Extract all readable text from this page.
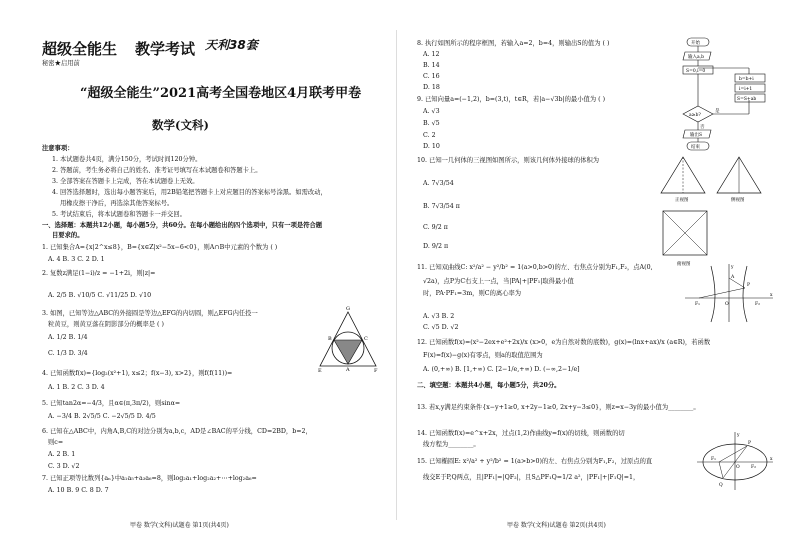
超级全能生 教学考试 天利38套
秘密★启用前
“超级全能生”2021高考全国卷地区4月联考甲卷
数学(文科)
注意事项：
1. 本试题卷共4页，满分150分，考试时间120分钟。
2. 答题前，考生务必将自己的姓名、准考证号填写在本试题卷和答题卡上。
3. 全部答案在答题卡上完成，答在本试题卷上无效。
4. 回答选择题时，选出每小题答案后，用2B铅笔把答题卡上对应题目的答案标号涂黑。如需改动，
用橡皮擦干净后，再选涂其他答案标号。
5. 考试结束后，将本试题卷和答题卡一并交回。
一、选择题：本题共12小题，每小题5分，共60分。在每小题给出的四个选项中，只有一项是符合题
目要求的。
1. 已知集合A={x|2^x≤8}，B={x∈Z|x²−5x−6<0}，则A∩B中元素的个数为 ( )
A. 4 B. 3 C. 2 D. 1
2. 复数z满足(1−i)/z = −1+2i，则|z|=
A. 2/5 B. √10/5 C. √11/25 D. √10
3. 如图，已知等边△ABC的外接圆是等边△EFG的内切圆，则△EFG内任投一
粒黄豆，则黄豆落在阴影部分的概率是 ( )
A. 1/2 B. 1/4
C. 1/3 D. 3/4
4. 已知函数f(x)={log₂(x²+1), x≤2；f(x−3), x>2}，则f(f(11))=
A. 1 B. 2 C. 3 D. 4
5. 已知tan2α=−4/3，且α∈(π,3π/2)，则sinα=
A. −3/4 B. 2√5/5 C. −2√5/5 D. 4/5
6. 已知在△ABC中，内角A,B,C的对边分别为a,b,c，AD是∠BAC的平分线，CD=2BD，b=2，
则c=
A. 2 B. 1
C. 3 D. √2
7. 已知正项等比数列{aₙ}中a₁a₅+a₃a₆=8，则log₂a₁+log₂a₂+⋯+log₂a₆=
A. 10 B. 9 C. 8 D. 7
G
A
B	C
E	F
甲卷 数学(文科)试题卷 第1页(共4页)
8. 执行如图所示的程序框图，若输入a=2，b=4，则输出S的值为 ( )
A. 12
B. 14
C. 16
D. 18
9. 已知向量a=(−1,2)，b=(3,t)，t∈R，若|a−√3b|的最小值为 ( )
A. √3
B. √5
C. 2
D. 10
10. 已知一几何体的三视图如图所示，则该几何体外接球的体积为
A. 7√3/54
B. 7√3/54 π
C. 9/2 π
D. 9/2 π
11. 已知双曲线C: x²/a² − y²/b² = 1(a>0,b>0)的左、右焦点分别为F₁,F₂，点A(0,
√2a)，点P为C右支上一点，当|PA|+|PF₁|取得最小值
时，PA·PF₁=3m，则C的离心率为
A. √3 B. 2
C. √5 D. √2
12. 已知函数f(x)=(x²−2ex+e²+2x)/x (x>0，e为自然对数的底数)，g(x)=(lnx+ax)/x (a∈R)，若函数
F(x)=f(x)−g(x)有零点，则a的取值范围为
A. (0,+∞) B. [1,+∞) C. [2−1/e,+∞) D. (−∞,2−1/e]
二、填空题：本题共4小题，每小题5分，共20分。
13. 若x,y满足约束条件{x−y+1≥0, x+2y−1≥0, 2x+y−3≤0}，则z=x−3y的最小值为________。
14. 已知函数f(x)=e^x+2x，过点(1,2)作曲线y=f(x)的切线，则函数的切
线方程为________。
15. 已知椭圆E: x²/a² + y²/b² = 1(a>b>0)的左、右焦点分别为F₁,F₂，过原点的直
线交E于P,Q两点，且|PF₁|=|QF₂|，且S△PF₁Q=1/2 a²，|PF₁|+|F₁Q|=1，
开始
输入a,b
S=0,i=0
a≥b?
是
否
输出S
结束
b=b+i
i=i+1
S=S+ab
正视图	侧视图
俯视图
y
A
P
F₁	O	F₂
x
y
P
F₁
O	F₂
Q
x
甲卷 数学(文科)试题卷 第2页(共4页)
